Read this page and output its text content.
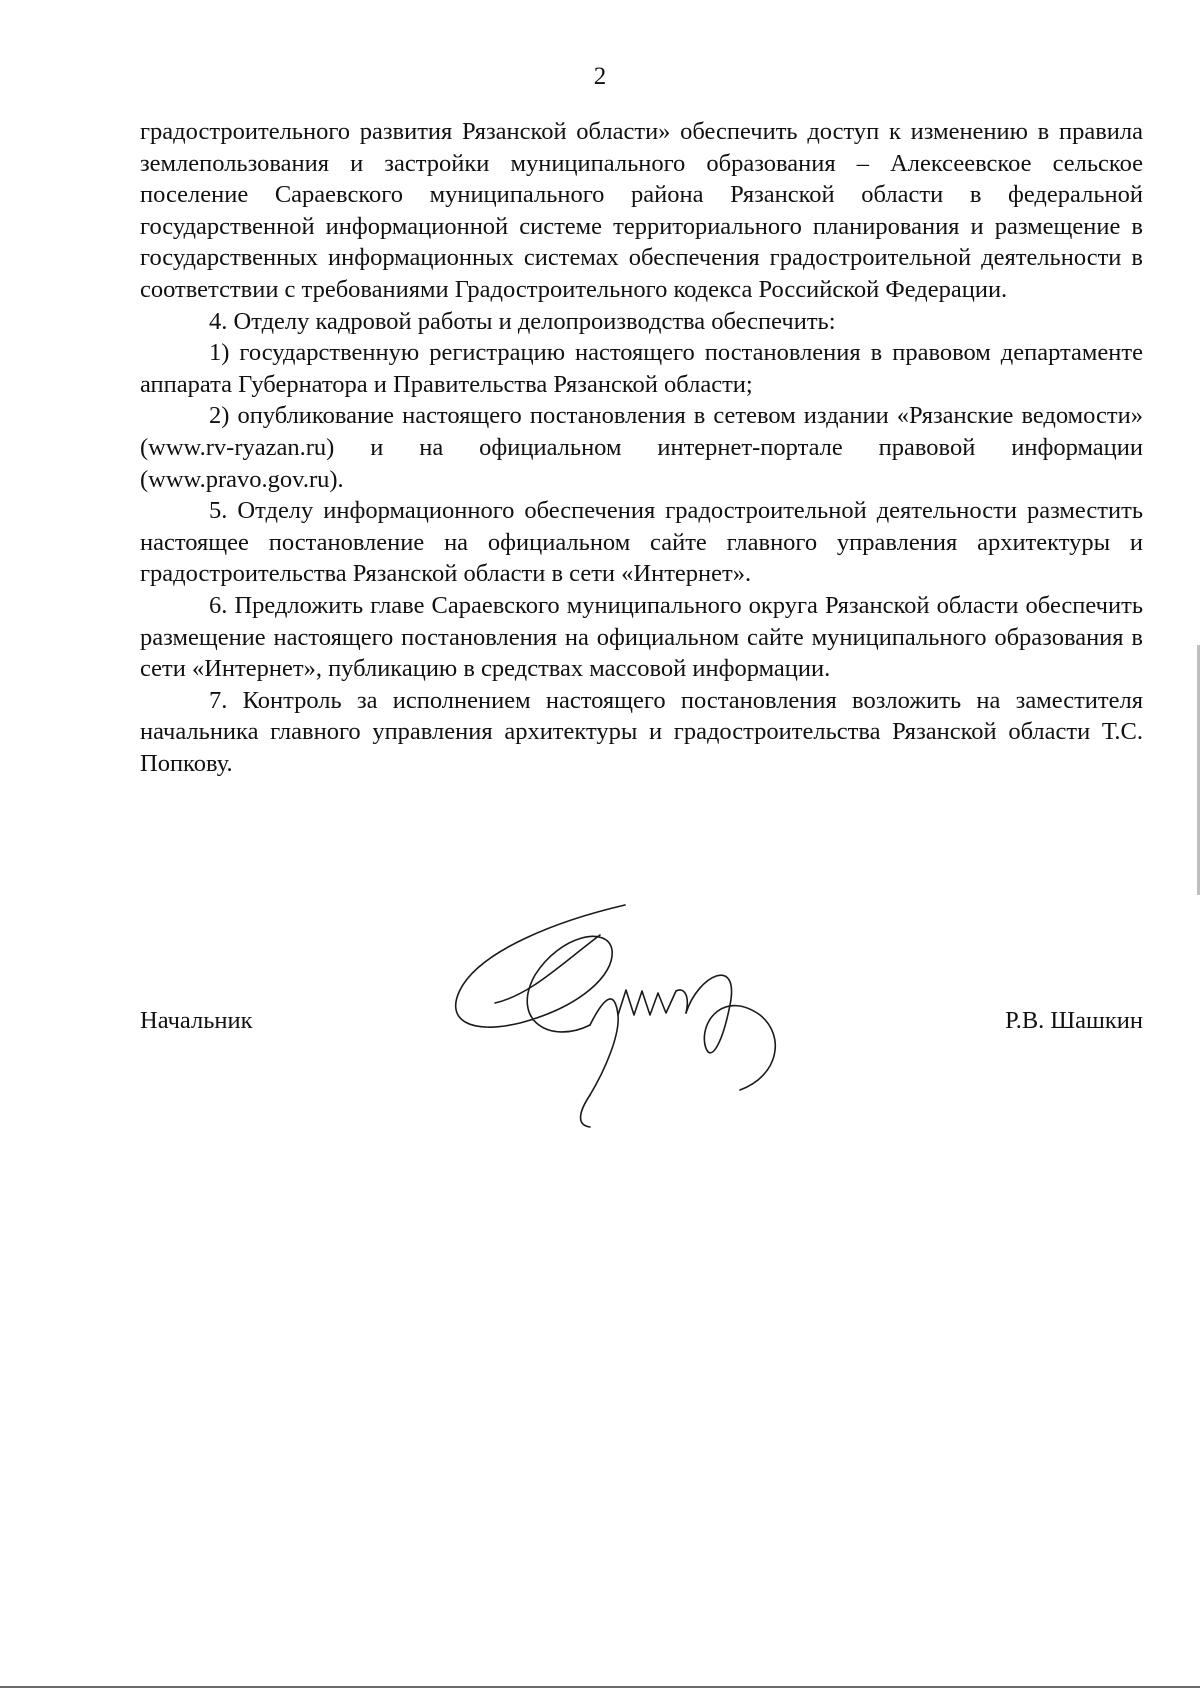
2

градостроительного развития Рязанской области» обеспечить доступ к изменению в правила землепользования и застройки муниципального образования – Алексеевское сельское поселение Сараевского муниципального района Рязанской области в федеральной государственной информационной системе территориального планирования и размещение в государственных информационных системах обеспечения градостроительной деятельности в соответствии с требованиями Градостроительного кодекса Российской Федерации.

4. Отделу кадровой работы и делопроизводства обеспечить:

1) государственную регистрацию настоящего постановления в правовом департаменте аппарата Губернатора и Правительства Рязанской области;

2) опубликование настоящего постановления в сетевом издании «Рязанские ведомости» (www.rv-ryazan.ru) и на официальном интернет-портале правовой информации (www.pravo.gov.ru).

5. Отделу информационного обеспечения градостроительной деятельности разместить настоящее постановление на официальном сайте главного управления архитектуры и градостроительства Рязанской области в сети «Интернет».

6. Предложить главе Сараевского муниципального округа Рязанской области обеспечить размещение настоящего постановления на официальном сайте муниципального образования в сети «Интернет», публикацию в средствах массовой информации.

7. Контроль за исполнением настоящего постановления возложить на заместителя начальника главного управления архитектуры и градостроительства Рязанской области Т.С. Попкову.

Начальник	Р.В. Шашкин
